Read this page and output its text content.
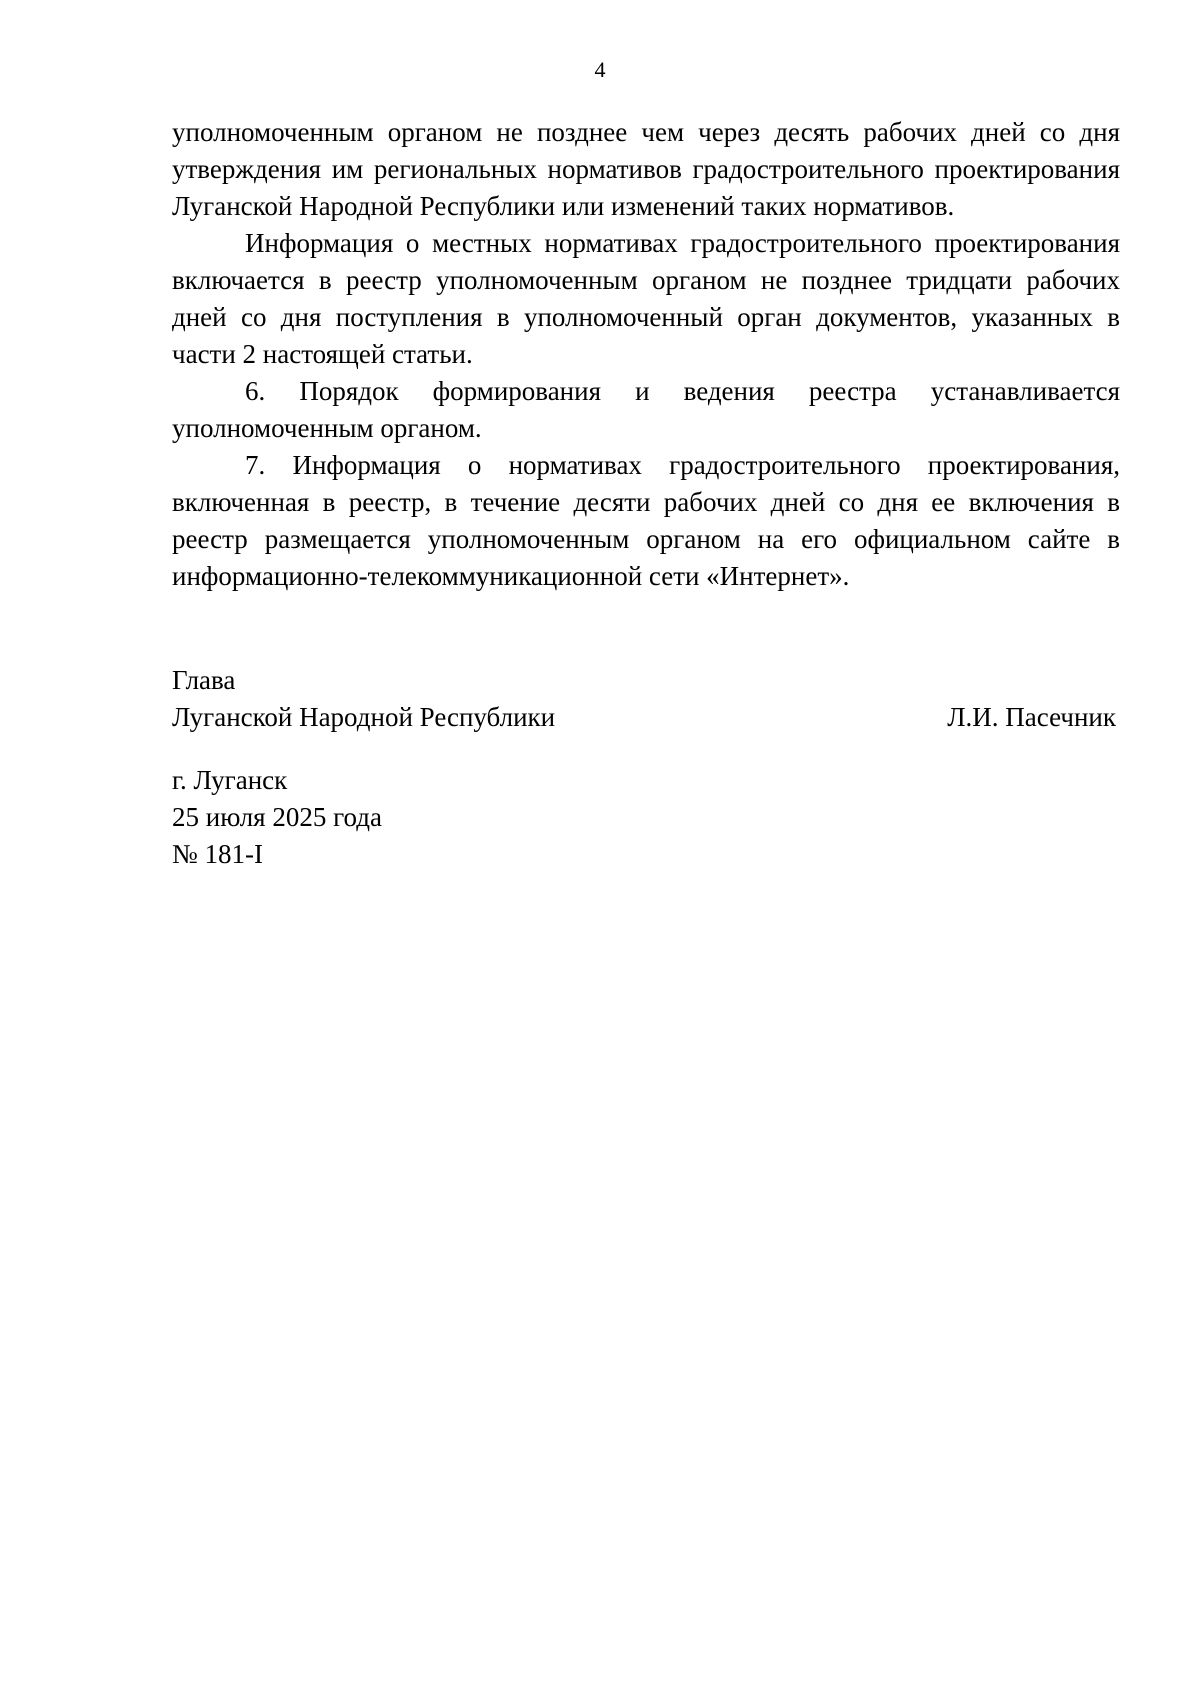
4

уполномоченным органом не позднее чем через десять рабочих дней со дня утверждения им региональных нормативов градостроительного проектирования Луганской Народной Республики или изменений таких нормативов.

Информация о местных нормативах градостроительного проектирования включается в реестр уполномоченным органом не позднее тридцати рабочих дней со дня поступления в уполномоченный орган документов, указанных в части 2 настоящей статьи.

6. Порядок формирования и ведения реестра устанавливается уполномоченным органом.

7. Информация о нормативах градостроительного проектирования, включенная в реестр, в течение десяти рабочих дней со дня ее включения в реестр размещается уполномоченным органом на его официальном сайте в информационно-телекоммуникационной сети «Интернет».

Глава
Луганской Народной Республики	Л.И. Пасечник
г. Луганск
25 июля 2025 года
№ 181-I
